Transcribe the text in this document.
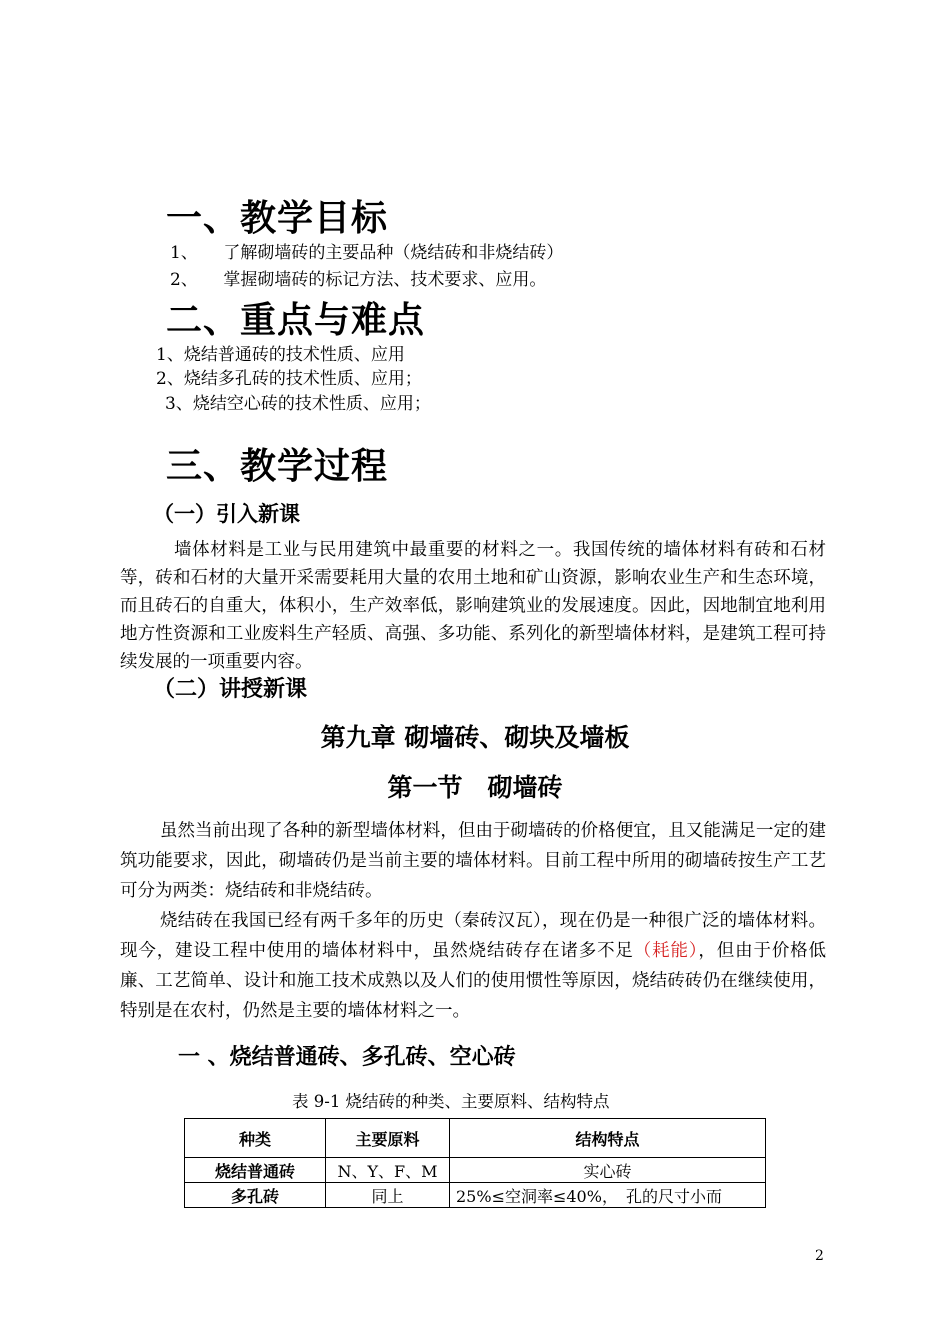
一、教学目标
1、　　了解砌墙砖的主要品种（烧结砖和非烧结砖）
2、　　掌握砌墙砖的标记方法、技术要求、应用。
二、重点与难点
1、烧结普通砖的技术性质、应用
2、烧结多孔砖的技术性质、应用；
3、烧结空心砖的技术性质、应用；
三、教学过程
（一）引入新课
墙体材料是工业与民用建筑中最重要的材料之一。我国传统的墙体材料有砖和石材等，砖和石材的大量开采需要耗用大量的农用土地和矿山资源，影响农业生产和生态环境，而且砖石的自重大，体积小，生产效率低，影响建筑业的发展速度。因此，因地制宜地利用地方性资源和工业废料生产轻质、高强、多功能、系列化的新型墙体材料，是建筑工程可持续发展的一项重要内容。
（二）讲授新课
第九章 砌墙砖、砌块及墙板
第一节　砌墙砖
虽然当前出现了各种的新型墙体材料，但由于砌墙砖的价格便宜，且又能满足一定的建筑功能要求，因此，砌墙砖仍是当前主要的墙体材料。目前工程中所用的砌墙砖按生产工艺可分为两类：烧结砖和非烧结砖。
烧结砖在我国已经有两千多年的历史（秦砖汉瓦），现在仍是一种很广泛的墙体材料。现今，建设工程中使用的墙体材料中，虽然烧结砖存在诸多不足（耗能），但由于价格低廉、工艺简单、设计和施工技术成熟以及人们的使用惯性等原因，烧结砖砖仍在继续使用，特别是在农村，仍然是主要的墙体材料之一。
一 、烧结普通砖、多孔砖、空心砖
表 9-1 烧结砖的种类、主要原料、结构特点
种类	主要原料	结构特点
烧结普通砖	N、Y、F、M	实心砖
多孔砖	同上	25%≤空洞率≤40%，　孔的尺寸小而
2
